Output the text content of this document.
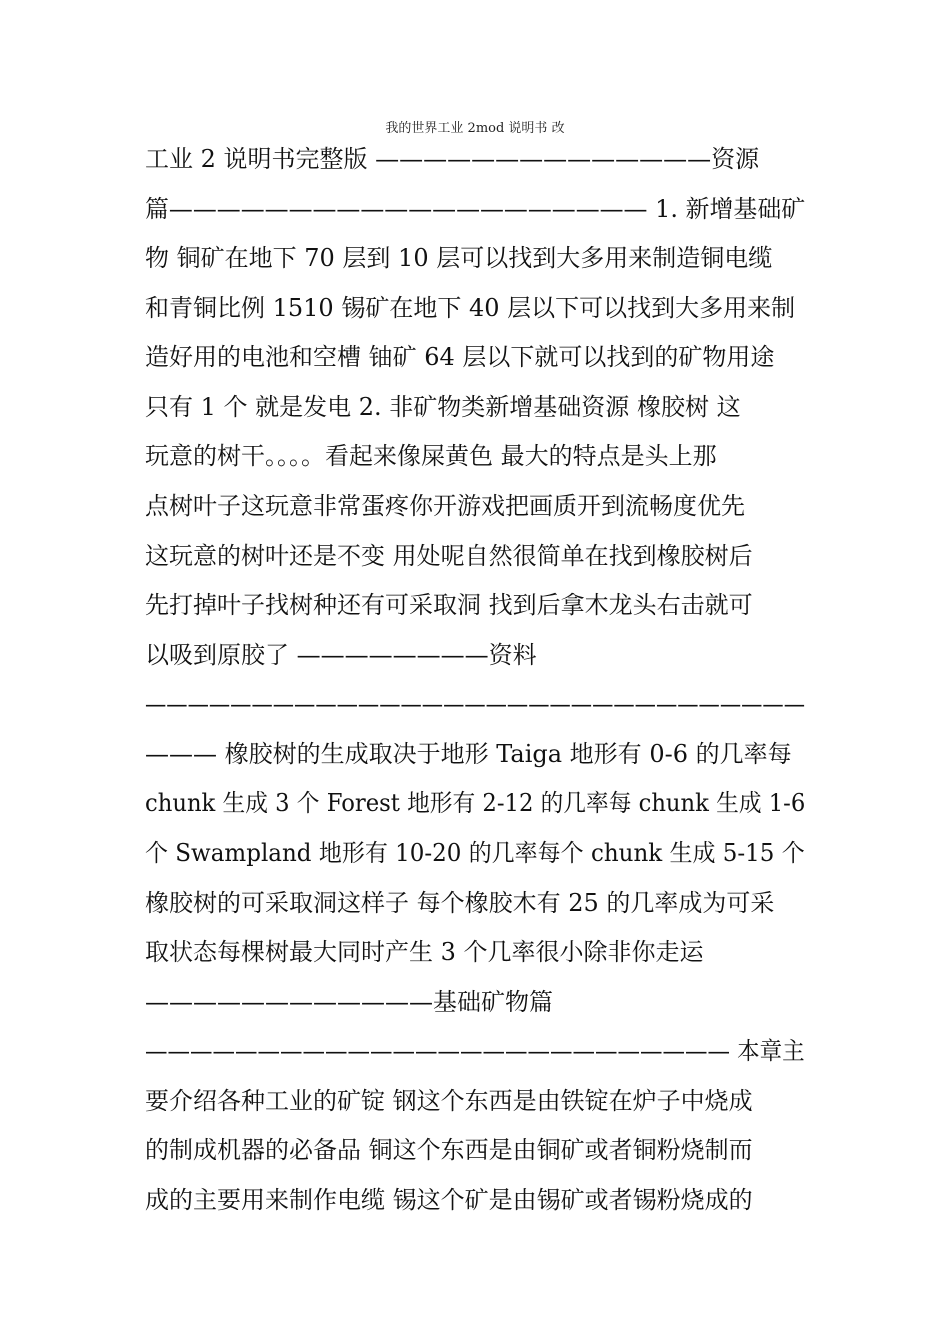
我的世界工业 2mod 说明书 改
工业 2 说明书完整版 ——————————————资源
篇———————————————————— 1. 新增基础矿
物 铜矿在地下 70 层到 10 层可以找到大多用来制造铜电缆
和青铜比例 1510 锡矿在地下 40 层以下可以找到大多用来制
造好用的电池和空槽 铀矿 64 层以下就可以找到的矿物用途
只有 1 个 就是发电 2. 非矿物类新增基础资源 橡胶树 这
玩意的树干。。。。看起来像屎黄色 最大的特点是头上那
点树叶子这玩意非常蛋疼你开游戏把画质开到流畅度优先
这玩意的树叶还是不变 用处呢自然很简单在找到橡胶树后
先打掉叶子找树种还有可采取洞 找到后拿木龙头右击就可
以吸到原胶了 ————————资料
———————————————————————————————
——— 橡胶树的生成取决于地形 Taiga 地形有 0-6 的几率每
chunk 生成 3 个 Forest 地形有 2-12 的几率每 chunk 生成 1-6
个 Swampland 地形有 10-20 的几率每个 chunk 生成 5-15 个
橡胶树的可采取洞这样子 每个橡胶木有 25 的几率成为可采
取状态每棵树最大同时产生 3 个几率很小除非你走运
————————————基础矿物篇
—————————————————————————— 本章主
要介绍各种工业的矿锭 钢这个东西是由铁锭在炉子中烧成
的制成机器的必备品 铜这个东西是由铜矿或者铜粉烧制而
成的主要用来制作电缆 锡这个矿是由锡矿或者锡粉烧成的
